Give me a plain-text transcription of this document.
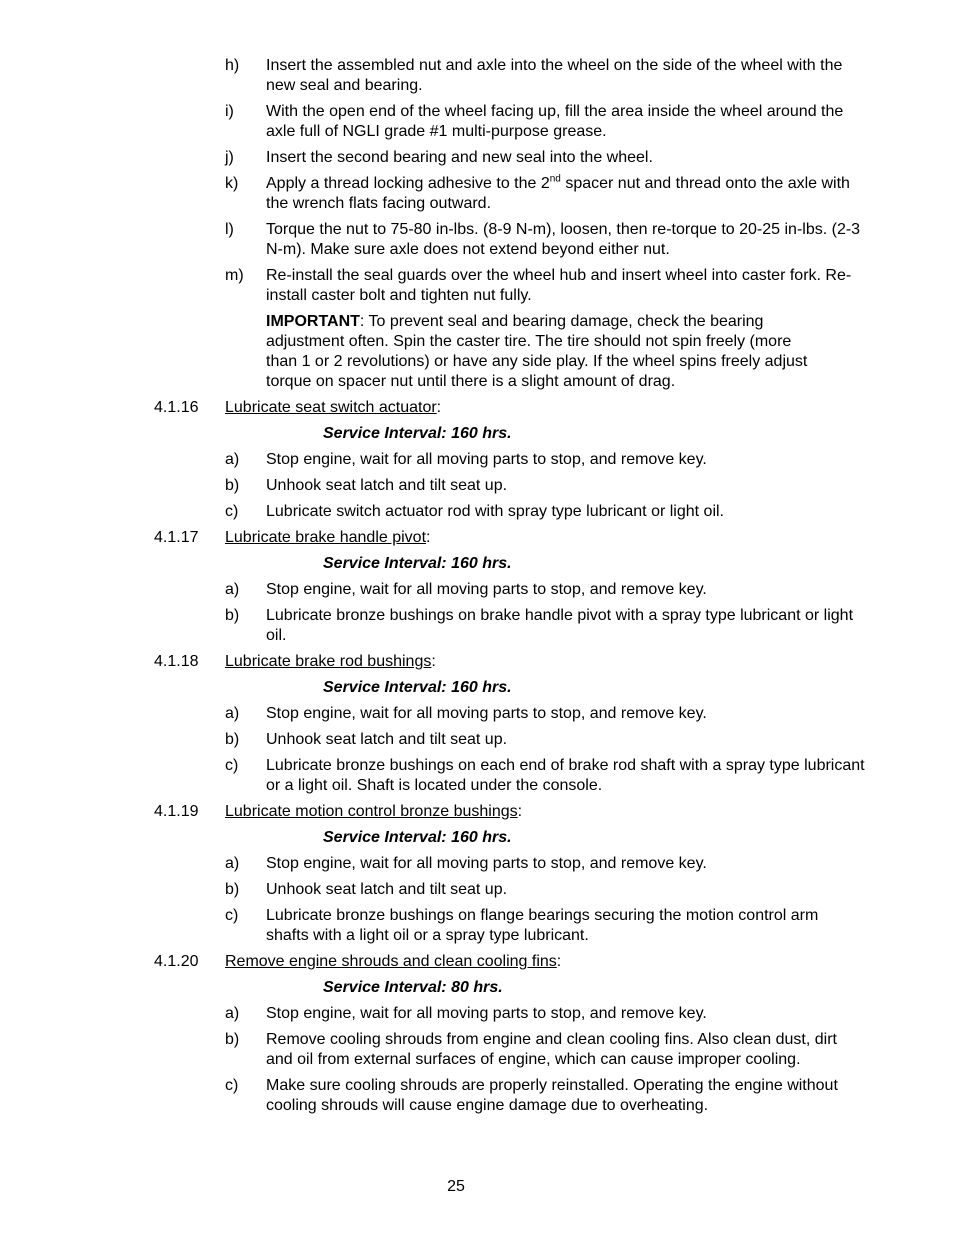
h) Insert the assembled nut and axle into the wheel on the side of the wheel with the new seal and bearing.
i) With the open end of the wheel facing up, fill the area inside the wheel around the axle full of NGLI grade #1 multi-purpose grease.
j) Insert the second bearing and new seal into the wheel.
k) Apply a thread locking adhesive to the 2nd spacer nut and thread onto the axle with the wrench flats facing outward.
l) Torque the nut to 75-80 in-lbs. (8-9 N-m), loosen, then re-torque to 20-25 in-lbs. (2-3 N-m). Make sure axle does not extend beyond either nut.
m) Re-install the seal guards over the wheel hub and insert wheel into caster fork. Re-install caster bolt and tighten nut fully.
IMPORTANT: To prevent seal and bearing damage, check the bearing adjustment often. Spin the caster tire. The tire should not spin freely (more than 1 or 2 revolutions) or have any side play. If the wheel spins freely adjust torque on spacer nut until there is a slight amount of drag.
4.1.16 Lubricate seat switch actuator:
Service Interval: 160 hrs.
a) Stop engine, wait for all moving parts to stop, and remove key.
b) Unhook seat latch and tilt seat up.
c) Lubricate switch actuator rod with spray type lubricant or light oil.
4.1.17 Lubricate brake handle pivot:
Service Interval: 160 hrs.
a) Stop engine, wait for all moving parts to stop, and remove key.
b) Lubricate bronze bushings on brake handle pivot with a spray type lubricant or light oil.
4.1.18 Lubricate brake rod bushings:
Service Interval: 160 hrs.
a) Stop engine, wait for all moving parts to stop, and remove key.
b) Unhook seat latch and tilt seat up.
c) Lubricate bronze bushings on each end of brake rod shaft with a spray type lubricant or a light oil. Shaft is located under the console.
4.1.19 Lubricate motion control bronze bushings:
Service Interval: 160 hrs.
a) Stop engine, wait for all moving parts to stop, and remove key.
b) Unhook seat latch and tilt seat up.
c) Lubricate bronze bushings on flange bearings securing the motion control arm shafts with a light oil or a spray type lubricant.
4.1.20 Remove engine shrouds and clean cooling fins:
Service Interval: 80 hrs.
a) Stop engine, wait for all moving parts to stop, and remove key.
b) Remove cooling shrouds from engine and clean cooling fins. Also clean dust, dirt and oil from external surfaces of engine, which can cause improper cooling.
c) Make sure cooling shrouds are properly reinstalled. Operating the engine without cooling shrouds will cause engine damage due to overheating.
25
